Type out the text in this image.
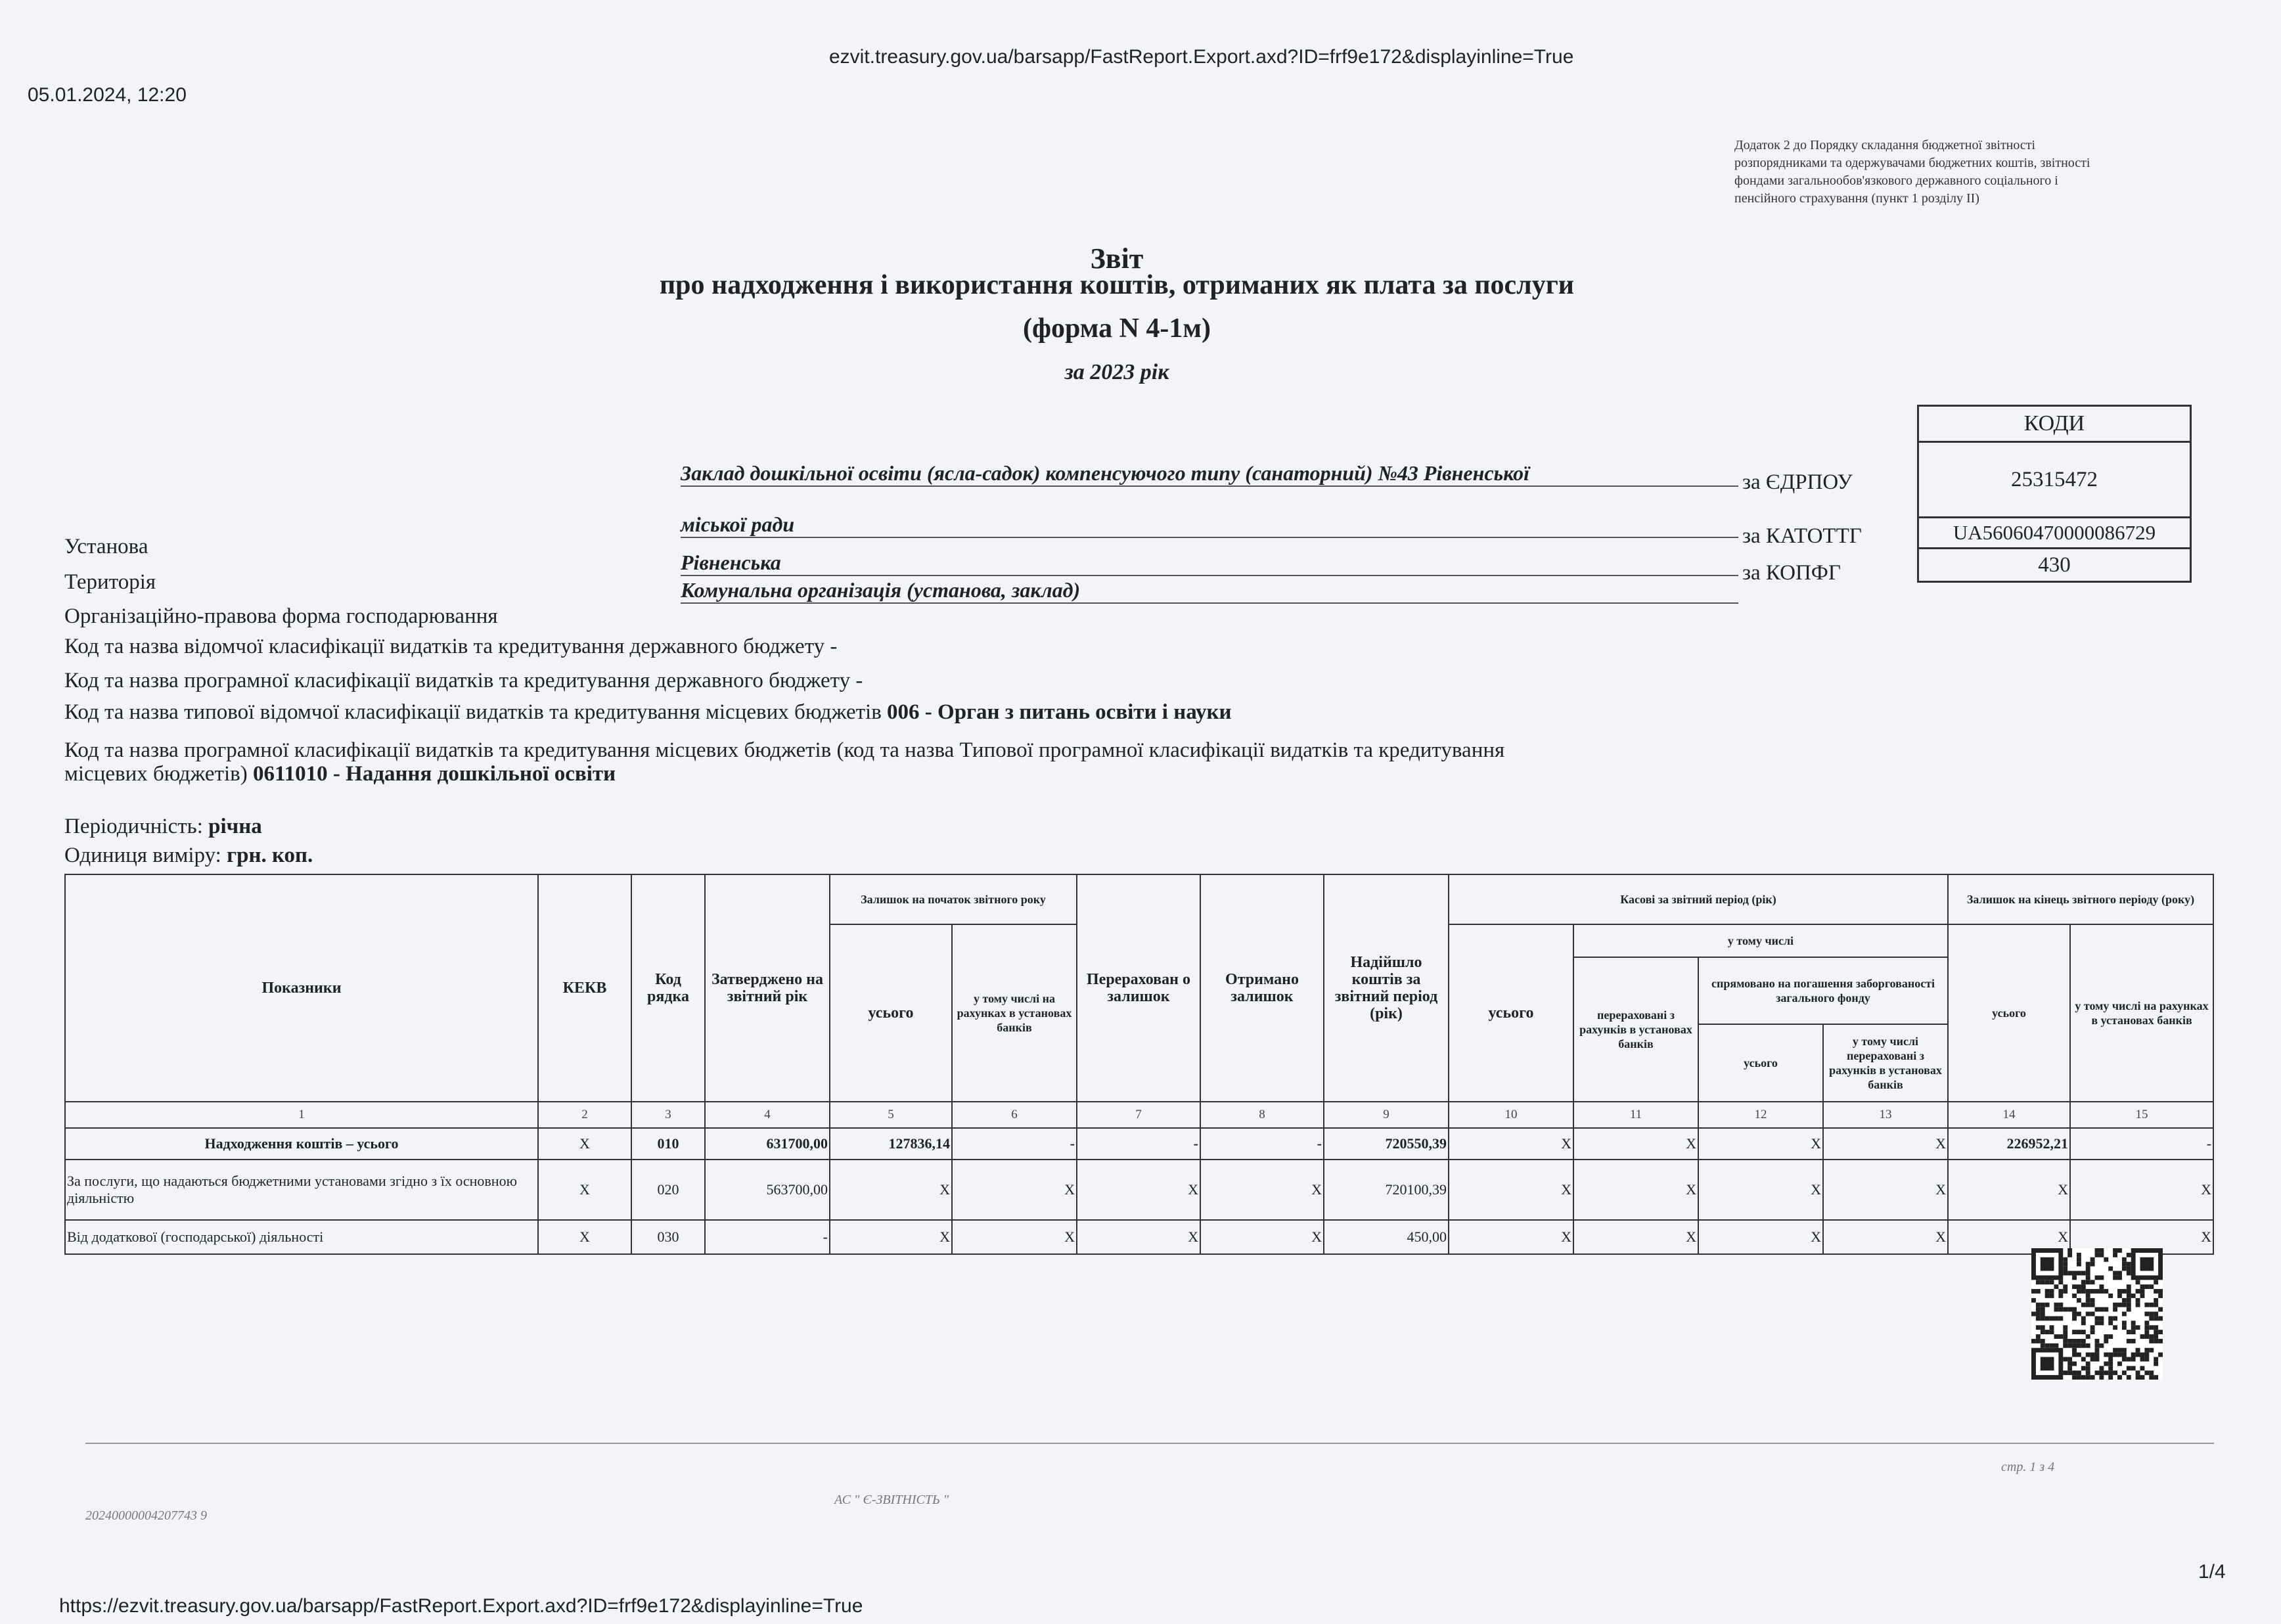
05.01.2024, 12:20
ezvit.treasury.gov.ua/barsapp/FastReport.Export.axd?ID=frf9e172&displayinline=True
Додаток 2 до Порядку складання бюджетної звітності
розпорядниками та одержувачами бюджетних коштів, звітності
фондами загальнообов'язкового державного соціального і
пенсійного страхування (пункт 1 розділу II)
Звіт
про надходження і використання коштів, отриманих як плата за послуги
(форма N 4-1м)
за 2023 рік
КОДИ
25315472
UA56060470000086729
430
за ЄДРПОУ
за КАТОТТГ
за КОПФГ
Заклад дошкільної освіти (ясла-садок) компенсуючого типу (санаторний) №43 Рівненської
міської ради
Установа
Рівненська
Територія	Комунальна організація (установа, заклад)
Організаційно-правова форма господарювання
Код та назва відомчої класифікації видатків та кредитування державного бюджету -
Код та назва програмної класифікації видатків та кредитування державного бюджету -
Код та назва типової відомчої класифікації видатків та кредитування місцевих бюджетів 006 - Орган з питань освіти і науки
Код та назва програмної класифікації видатків та кредитування місцевих бюджетів (код та назва Типової програмної класифікації видатків та кредитування
місцевих бюджетів) 0611010 - Надання дошкільної освіти
Періодичність: річна
Одиниця виміру: грн. коп.
Показники	КЕКВ	Код рядка	Затверджено на звітний рік	Залишок на початок звітного року		Перерахован о залишок	Отримано залишок	Надійшло коштів за звітний період (рік)	Касові за звітний період (рік)				Залишок на кінець звітного періоду (року)	
				усього	у тому числі на рахунках в установах банків				усього	у тому числі			усього	у тому числі на рахунках в установах банків
										перераховані з рахунків в установах банків	спрямовано на погашення заборгованості загального фонду			
											усього	у тому числі перераховані з рахунків в установах банків		
1	2	3	4	5	6	7	8	9	10	11	12	13	14	15
Надходження коштів – усього	Х	010	631700,00	127836,14	-	-	-	720550,39	Х	Х	Х	Х	226952,21	-
За послуги, що надаються бюджетними установами згідно з їх основною діяльністю	Х	020	563700,00	Х	Х	Х	Х	720100,39	Х	Х	Х	Х	Х	Х
Від додаткової (господарської) діяльності	Х	030	-	Х	Х	Х	Х	450,00	Х	Х	Х	Х	Х	Х
стр. 1 з 4
АС " Є-ЗВІТНІСТЬ "
20240000004207743 9
1/4
https://ezvit.treasury.gov.ua/barsapp/FastReport.Export.axd?ID=frf9e172&displayinline=True
